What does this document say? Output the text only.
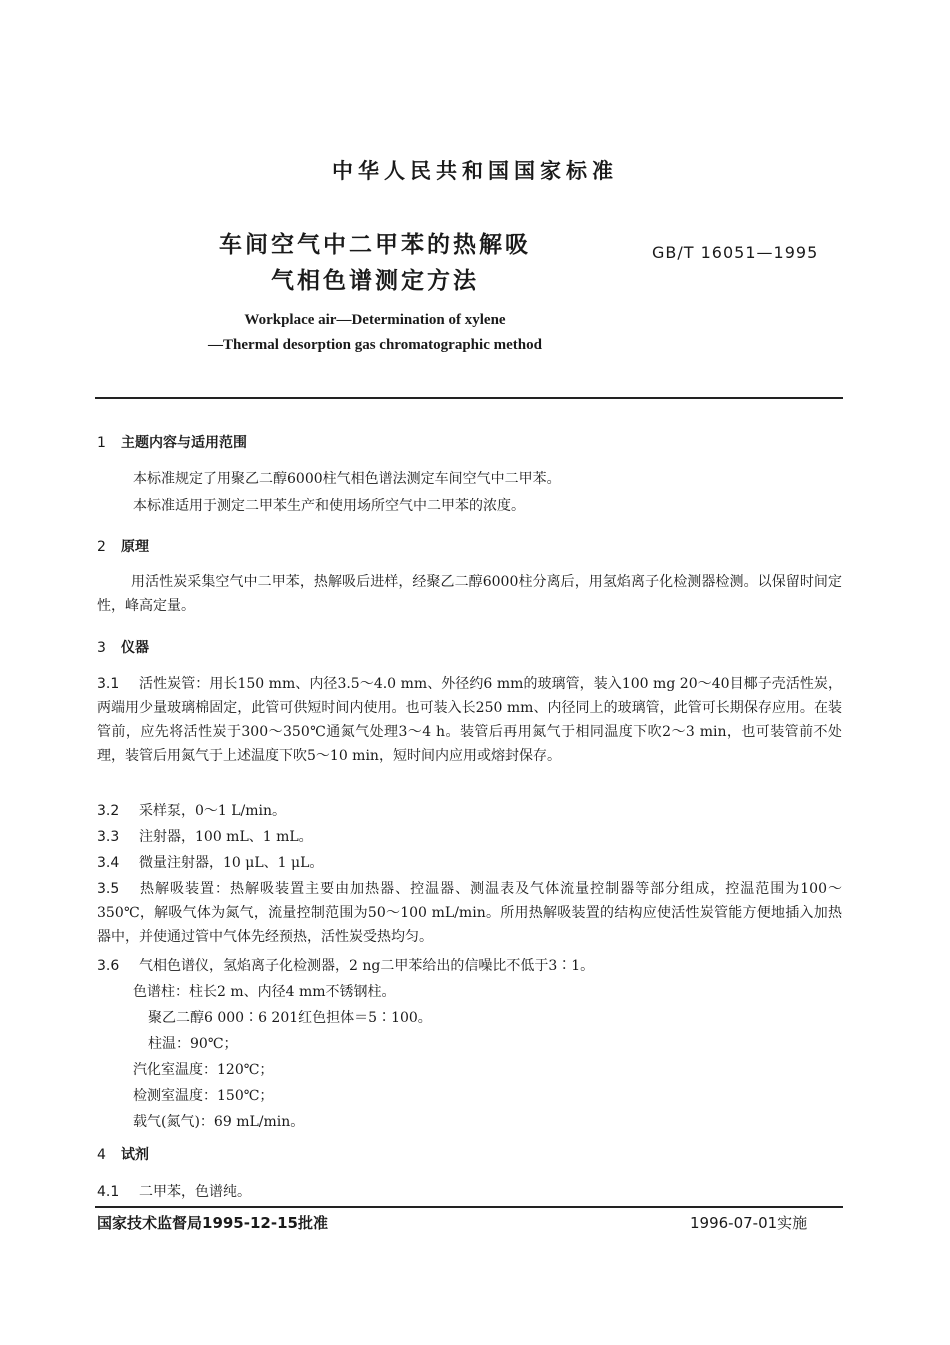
中华人民共和国国家标准
车间空气中二甲苯的热解吸
气相色谱测定方法
GB/T 16051—1995
Workplace air—Determination of xylene
—Thermal desorption gas chromatographic method
1 主题内容与适用范围
本标准规定了用聚乙二醇6000柱气相色谱法测定车间空气中二甲苯。
本标准适用于测定二甲苯生产和使用场所空气中二甲苯的浓度。
2 原理
用活性炭采集空气中二甲苯，热解吸后进样，经聚乙二醇6000柱分离后，用氢焰离子化检测器检测。以保留时间定性，峰高定量。
3 仪器
3.1 活性炭管：用长150 mm、内径3.5～4.0 mm、外径约6 mm的玻璃管，装入100 mg 20～40目椰子壳活性炭，两端用少量玻璃棉固定，此管可供短时间内使用。也可装入长250 mm、内径同上的玻璃管，此管可长期保存应用。在装管前，应先将活性炭于300～350℃通氮气处理3～4 h。装管后再用氮气于相同温度下吹2～3 min，也可装管前不处理，装管后用氮气于上述温度下吹5～10 min，短时间内应用或熔封保存。
3.2 采样泵，0～1 L/min。
3.3 注射器，100 mL、1 mL。
3.4 微量注射器，10 μL、1 μL。
3.5 热解吸装置：热解吸装置主要由加热器、控温器、测温表及气体流量控制器等部分组成，控温范围为100～350℃，解吸气体为氮气，流量控制范围为50～100 mL/min。所用热解吸装置的结构应使活性炭管能方便地插入加热器中，并使通过管中气体先经预热，活性炭受热均匀。
3.6 气相色谱仪，氢焰离子化检测器，2 ng二甲苯给出的信噪比不低于3∶1。
色谱柱：柱长2 m、内径4 mm不锈钢柱。
聚乙二醇6 000∶6 201红色担体＝5∶100。
柱温：90℃；
汽化室温度：120℃；
检测室温度：150℃；
载气(氮气)：69 mL/min。
4 试剂
4.1 二甲苯，色谱纯。
国家技术监督局1995-12-15批准	1996-07-01实施
